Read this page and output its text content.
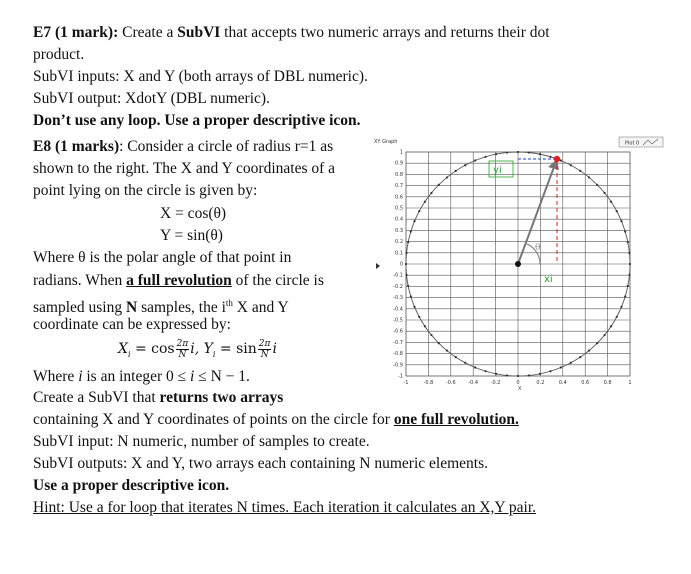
E7 (1 mark): Create a SubVI that accepts two numeric arrays and returns their dot
product.
SubVI inputs: X and Y (both arrays of DBL numeric).
SubVI output: XdotY (DBL numeric).
Don’t use any loop. Use a proper descriptive icon.
E8 (1 marks): Consider a circle of radius r=1 as
shown to the right. The X and Y coordinates of a
point lying on the circle is given by:
X = cos(θ)
Y = sin(θ)
Where θ is the polar angle of that point in
radians. When a full revolution of the circle is
sampled using N samples, the $i^{th}$ X and Y
coordinate can be expressed by:
$X_i = \cos \frac{2\pi}{N} i$, $Y_i = \sin \frac{2\pi}{N}$ i
Where i is an integer 0 ≤ i ≤ N − 1.
Create a SubVI that returns two arrays
containing X and Y coordinates of points on the circle for one full revolution.
SubVI input: N numeric, number of samples to create.
SubVI outputs: X and Y, two arrays each containing N numeric elements.
Use a proper descriptive icon.
Hint: Use a for loop that iterates N times. Each iteration it calculates an X,Y pair.
XY Graph	Plot 0
1
0.9
0.8
0.7
0.6
0.5
0.4
0.3
0.2
0.1
0
-0.1
-0.2
-0.3
-0.4
-0.5
-0.6
-0.7
-0.8
-0.9
-1
-1	-0.8	-0.6	-0.4	-0.2	0	0.2	0.4	0.6	0.8	1
X
θ
yi
xi
